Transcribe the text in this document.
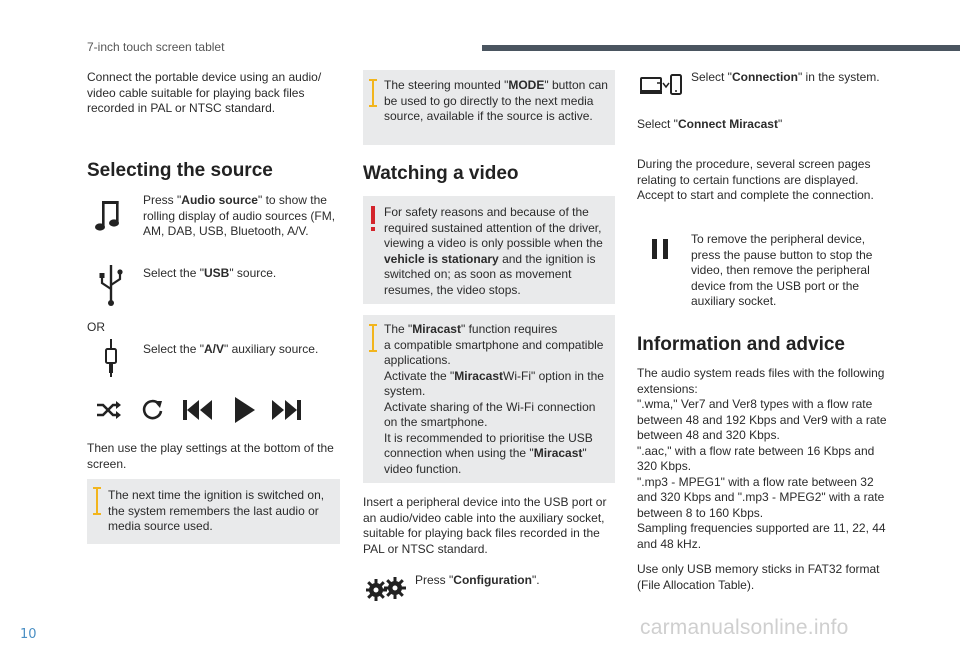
7-inch touch screen tablet
Connect the portable device using an audio/ video cable suitable for playing back files recorded in PAL or NTSC standard.
Selecting the source
Press "Audio source" to show the rolling display of audio sources (FM, AM, DAB, USB, Bluetooth, A/V.
Select the "USB" source.
OR
Select the "A/V" auxiliary source.
Then use the play settings at the bottom of the screen.
The next time the ignition is switched on, the system remembers the last audio or media source used.
The steering mounted "MODE" button can be used to go directly to the next media source, available if the source is active.
Watching a video
For safety reasons and because of the required sustained attention of the driver, viewing a video is only possible when the vehicle is stationary and the ignition is switched on; as soon as movement resumes, the video stops.
The "Miracast" function requires
a compatible smartphone and compatible applications.
Activate the "MiracastWi-Fi" option in the system.
Activate sharing of the Wi-Fi connection on the smartphone.
It is recommended to prioritise the USB connection when using the "Miracast" video function.
Insert a peripheral device into the USB port or an audio/video cable into the auxiliary socket, suitable for playing back files recorded in the PAL or NTSC standard.
Press "Configuration".
Select "Connection" in the system.
Select "Connect Miracast"
During the procedure, several screen pages relating to certain functions are displayed. Accept to start and complete the connection.
To remove the peripheral device, press the pause button to stop the video, then remove the peripheral device from the USB port or the auxiliary socket.
Information and advice
The audio system reads files with the following extensions:
".wma," Ver7 and Ver8 types with a flow rate between 48 and 192 Kbps and Ver9 with a rate between 48 and 320 Kbps.
".aac," with a flow rate between 16 Kbps and 320 Kbps.
".mp3 - MPEG1" with a flow rate between 32 and 320 Kbps and ".mp3 - MPEG2" with a rate between 8 to 160 Kbps.
Sampling frequencies supported are 11, 22, 44 and 48 kHz.
Use only USB memory sticks in FAT32 format (File Allocation Table).
10	carmanualsonline.info
